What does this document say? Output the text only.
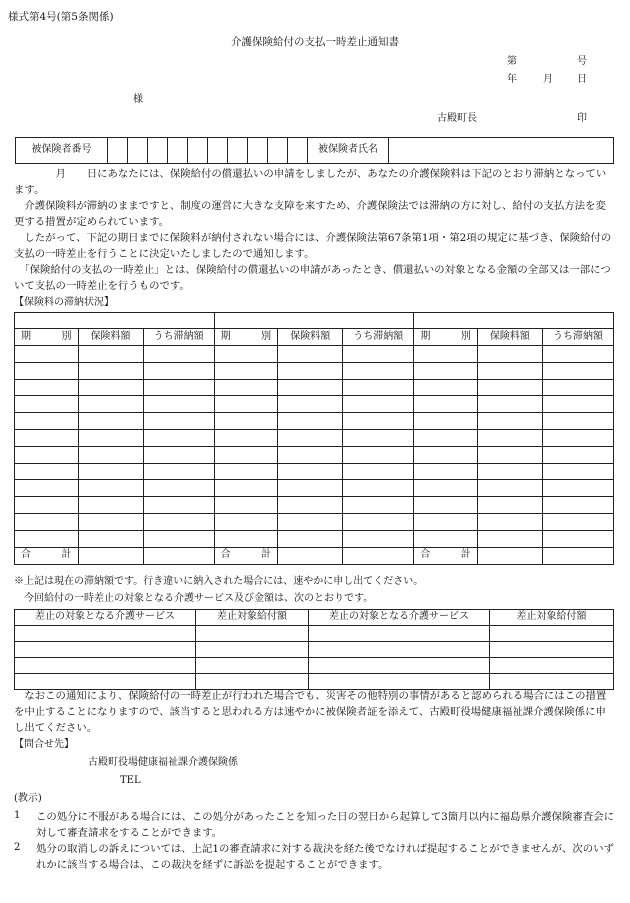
様式第4号(第5条関係)
介護保険給付の支払一時差止通知書
第	号
年	月 日
様
古殿町長	印
被保険者番号											被保険者氏名	
　　　　月　　日にあなたには、保険給付の償還払いの申請をしましたが、あなたの介護保険料は下記のとおり滞納となっています。
　介護保険料が滞納のままですと、制度の運営に大きな支障を来すため、介護保険法では滞納の方に対し、給付の支払方法を変更する措置が定められています。
　したがって、下記の期日までに保険料が納付されない場合には、介護保険法第67条第1項・第2項の規定に基づき、保険給付の支払の一時差止を行うことに決定いたしましたので通知します。
　「保険給付の支払の一時差止」とは、保険給付の償還払いの申請があったとき、償還払いの対象となる金額の全部又は一部について支払の一時差止を行うものです。
【保険料の滞納状況】

期 別	保険料額	うち滞納額	期 別	保険料額	うち滞納額	期 別	保険料額	うち滞納額

合 計			合 計			合 計		

※上記は現在の滞納額です。行き違いに納入された場合には、速やかに申し出てください。
　今回給付の一時差止の対象となる介護サービス及び金額は、次のとおりです。
差止の対象となる介護サービス	差止対象給付額	差止の対象となる介護サービス	差止対象給付額

　なおこの通知により、保険給付の一時差止が行われた場合でも、災害その他特別の事情があると認められる場合にはこの措置を中止することになりますので、該当すると思われる方は速やかに被保険者証を添えて、古殿町役場健康福祉課介護保険係に申し出てください。
【問合せ先】
古殿町役場健康福祉課介護保険係
TEL
(教示)
1 この処分に不服がある場合には、この処分があったことを知った日の翌日から起算して3箇月以内に福島県介護保険審査会に対して審査請求をすることができます。
2 処分の取消しの訴えについては、上記1の審査請求に対する裁決を経た後でなければ提起することができませんが、次のいずれかに該当する場合は、この裁決を経ずに訴訟を提起することができます。
